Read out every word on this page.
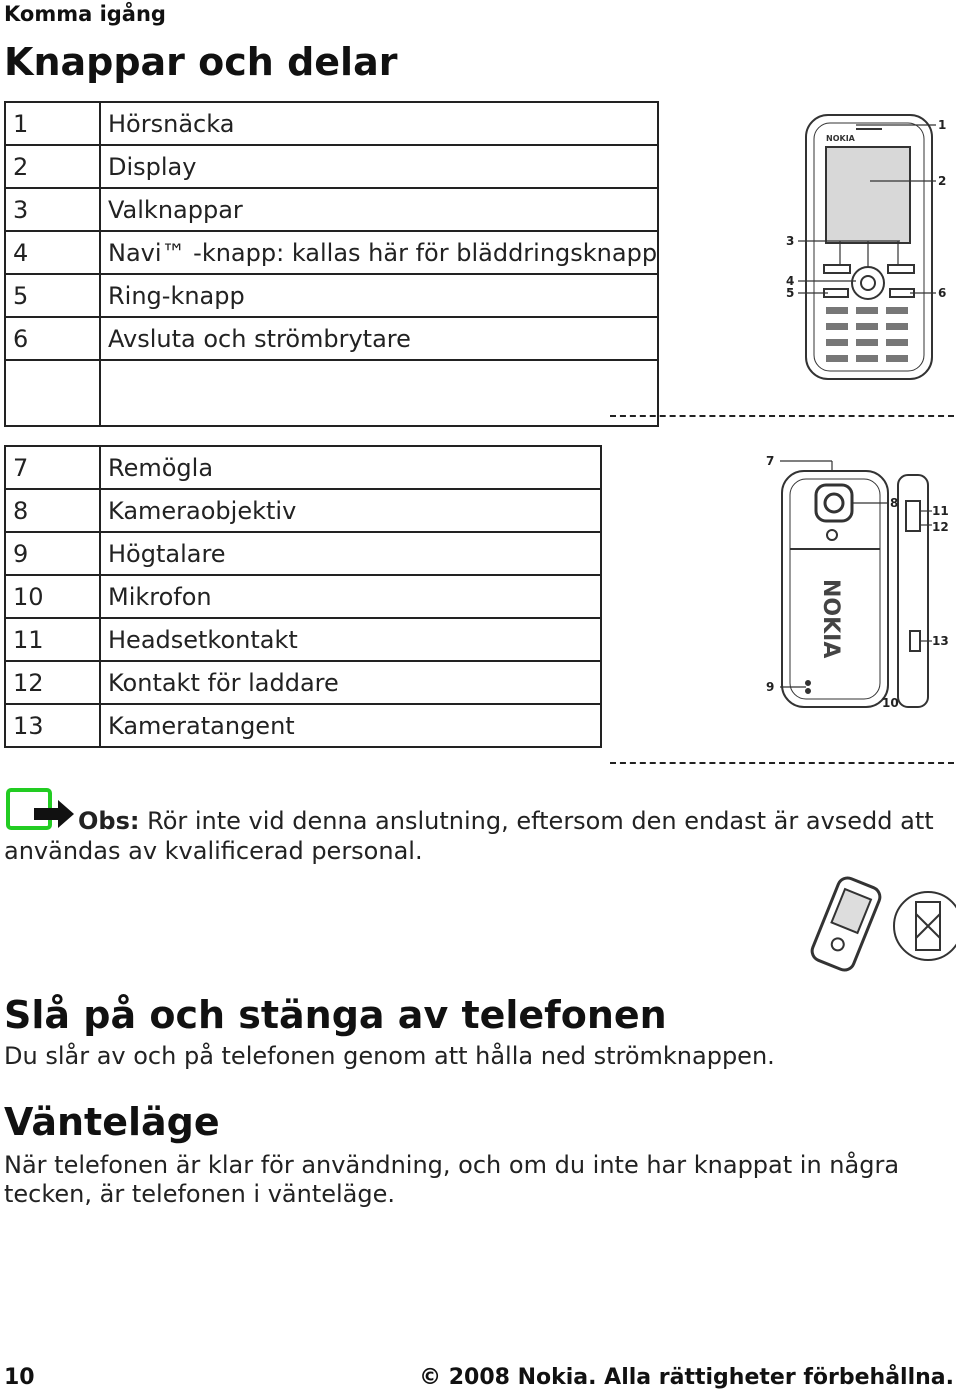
Komma igång
Knappar och delar
1	Hörsnäcka
2	Display
3	Valknappar
4	Navi™ -knapp: kallas här för bläddringsknapp
5	Ring-knapp
6	Avsluta och strömbrytare

NOKIA
1
2
3
4
5	6
7	Remögla
8	Kameraobjektiv
9	Högtalare
10	Mikrofon
11	Headsetkontakt
12	Kontakt för laddare
13	Kameratangent
NOKIA
7
8
9
10
11
12
13
Obs: Rör inte vid denna anslutning, eftersom den endast är avsedd att användas av kvalificerad personal.
Slå på och stänga av telefonen
Du slår av och på telefonen genom att hålla ned strömknappen.
Vänteläge
När telefonen är klar för användning, och om du inte har knappat in några tecken, är telefonen i vänteläge.
10	© 2008 Nokia. Alla rättigheter förbehållna.
